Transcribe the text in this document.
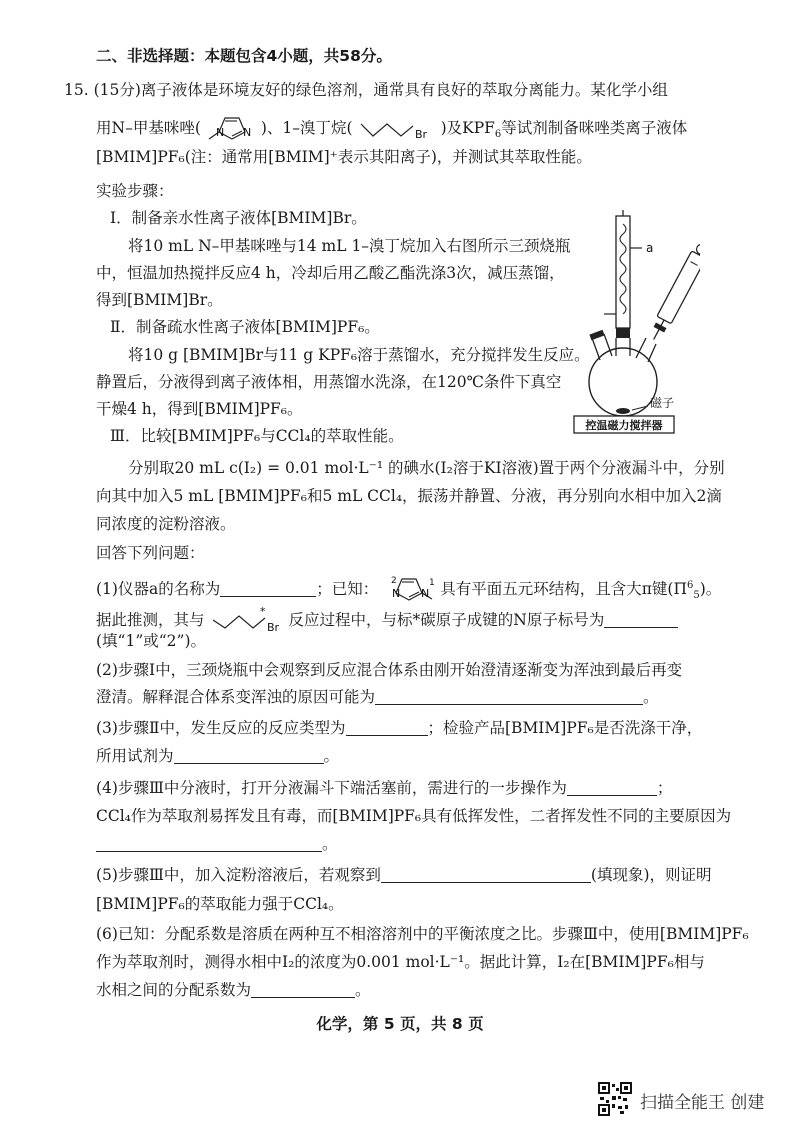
二、非选择题：本题包含4小题，共58分。
15. (15分)离子液体是环境友好的绿色溶剂，通常具有良好的萃取分离能力。某化学小组
用N–甲基咪唑( N N )、1–溴丁烷(	Br )及$KPF_6$等试剂制备咪唑类离子液体
[BMIM]PF₆(注：通常用[BMIM]⁺表示其阳离子)，并测试其萃取性能。
实验步骤：
Ⅰ．制备亲水性离子液体[BMIM]Br。
将10 mL N–甲基咪唑与14 mL 1–溴丁烷加入右图所示三颈烧瓶
中，恒温加热搅拌反应4 h，冷却后用乙酸乙酯洗涤3次，减压蒸馏，
得到[BMIM]Br。
Ⅱ．制备疏水性离子液体[BMIM]PF₆。
将10 g [BMIM]Br与11 g KPF₆溶于蒸馏水，充分搅拌发生反应。
静置后，分液得到离子液体相，用蒸馏水洗涤，在120℃条件下真空
干燥4 h，得到[BMIM]PF₆。
a
磁子
控温磁力搅拌器
Ⅲ．比较[BMIM]PF₆与CCl₄的萃取性能。
分别取20 mL c(I₂) = 0.01 mol·L⁻¹ 的碘水(I₂溶于KI溶液)置于两个分液漏斗中，分别
向其中加入5 mL [BMIM]PF₆和5 mL CCl₄，振荡并静置、分液，再分别向水相中加入2滴
同浓度的淀粉溶液。
回答下列问题：
(1)仪器a的名称为	；已知： 2
N N
1 具有平面五元环结构，且含大π键$(\Pi^6_5)$。
据此推测，其与	*
Br 反应过程中，与标*碳原子成键的N原子标号为
(填“1”或“2”)。
(2)步骤Ⅰ中，三颈烧瓶中会观察到反应混合体系由刚开始澄清逐渐变为浑浊到最后再变
澄清。解释混合体系变浑浊的原因可能为	。
(3)步骤Ⅱ中，发生反应的反应类型为	；检验产品[BMIM]PF₆是否洗涤干净，
所用试剂为	。
(4)步骤Ⅲ中分液时，打开分液漏斗下端活塞前，需进行的一步操作为	；
CCl₄作为萃取剂易挥发且有毒，而[BMIM]PF₆具有低挥发性，二者挥发性不同的主要原因为
。
(5)步骤Ⅲ中，加入淀粉溶液后，若观察到	(填现象)，则证明
[BMIM]PF₆的萃取能力强于CCl₄。
(6)已知：分配系数是溶质在两种互不相溶溶剂中的平衡浓度之比。步骤Ⅲ中，使用[BMIM]PF₆
作为萃取剂时，测得水相中I₂的浓度为0.001 mol·L⁻¹。据此计算，I₂在[BMIM]PF₆相与
水相之间的分配系数为	。
化学，第 5 页，共 8 页
扫描全能王 创建
